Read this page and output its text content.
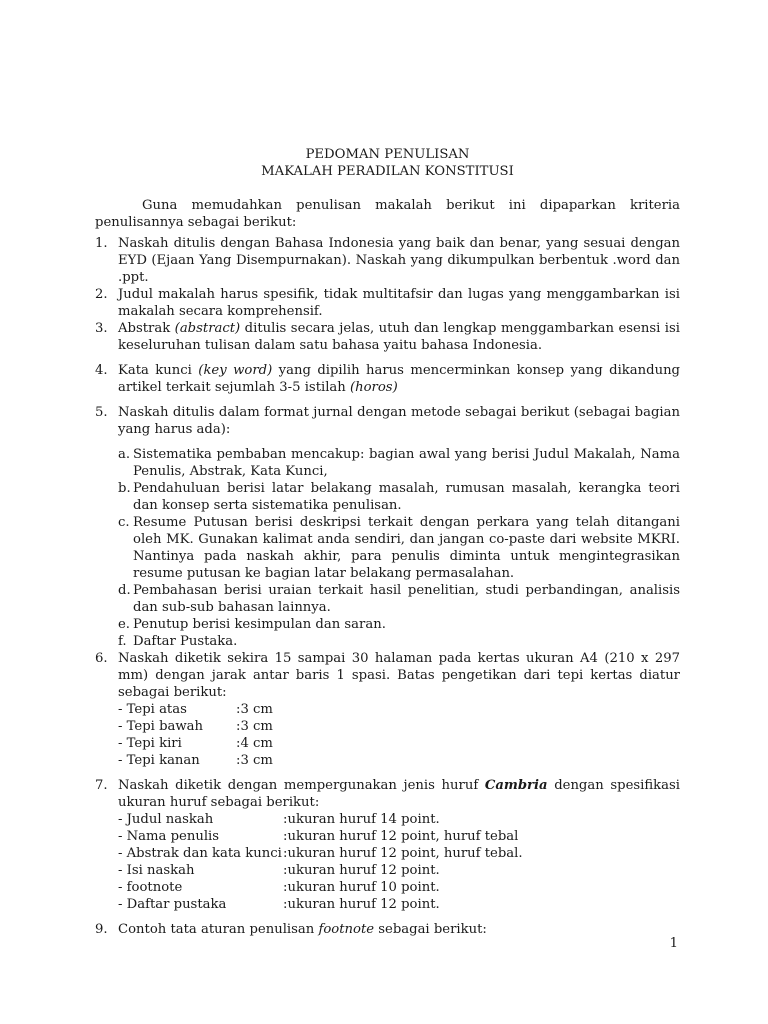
PEDOMAN PENULISAN
MAKALAH PERADILAN KONSTITUSI
Guna memudahkan penulisan makalah berikut ini dipaparkan kriteria penulisannya sebagai berikut:
1. Naskah ditulis dengan Bahasa Indonesia yang baik dan benar, yang sesuai dengan EYD (Ejaan Yang Disempurnakan). Naskah yang dikumpulkan berbentuk .word dan .ppt.
2. Judul makalah harus spesifik, tidak multitafsir dan lugas yang menggambarkan isi makalah secara komprehensif.
3. Abstrak (abstract) ditulis secara jelas, utuh dan lengkap menggambarkan esensi isi keseluruhan tulisan dalam satu bahasa yaitu bahasa Indonesia.
4. Kata kunci (key word) yang dipilih harus mencerminkan konsep yang dikandung artikel terkait sejumlah 3-5 istilah (horos)
5. Naskah ditulis dalam format jurnal dengan metode sebagai berikut (sebagai bagian yang harus ada):
a. Sistematika pembaban mencakup: bagian awal yang berisi Judul Makalah, Nama Penulis, Abstrak, Kata Kunci,
b. Pendahuluan berisi latar belakang masalah, rumusan masalah, kerangka teori dan konsep serta sistematika penulisan.
c. Resume Putusan berisi deskripsi terkait dengan perkara yang telah ditangani oleh MK. Gunakan kalimat anda sendiri, dan jangan co-paste dari website MKRI. Nantinya pada naskah akhir, para penulis diminta untuk mengintegrasikan resume putusan ke bagian latar belakang permasalahan.
d. Pembahasan berisi uraian terkait hasil penelitian, studi perbandingan, analisis dan sub-sub bahasan lainnya.
e. Penutup berisi kesimpulan dan saran.
f. Daftar Pustaka.
6. Naskah diketik sekira 15 sampai 30 halaman pada kertas ukuran A4 (210 x 297 mm) dengan jarak antar baris 1 spasi. Batas pengetikan dari tepi kertas diatur sebagai berikut:
- Tepi atas	: 3 cm
- Tepi bawah	: 3 cm
- Tepi kiri	: 4 cm
- Tepi kanan	: 3 cm
7. Naskah diketik dengan mempergunakan jenis huruf Cambria dengan spesifikasi ukuran huruf sebagai berikut:
- Judul naskah	: ukuran huruf 14 point.
- Nama penulis	: ukuran huruf 12 point, huruf tebal
- Abstrak dan kata kunci : ukuran huruf 12 point, huruf tebal.
- Isi naskah	: ukuran huruf 12 point.
- footnote	: ukuran huruf 10 point.
- Daftar pustaka	: ukuran huruf 12 point.
9. Contoh tata aturan penulisan footnote sebagai berikut:
1
